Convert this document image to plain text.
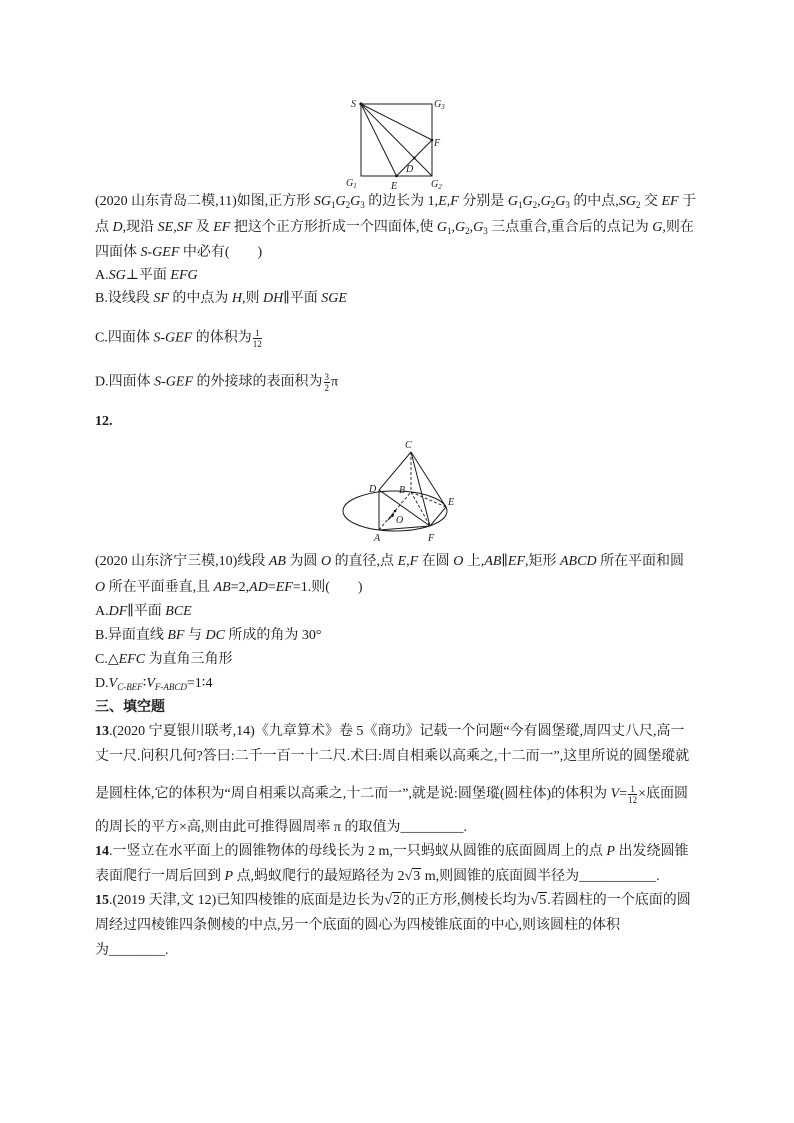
S	$G_3$
F
D
E
$G_1$	$G_2$
(2020 山东青岛二模,11)如图,正方形 $SG_1G_2G_3$ 的边长为 1,E,F 分别是 $G_1G_2,G_2G_3$ 的中点$,SG_2$ 交 EF 于
点 D,现沿 SE,SF 及 EF 把这个正方形折成一个四面体,使 $G_1,G_2,G_3$ 三点重合,重合后的点记为 G,则在
四面体 S-GEF 中必有(　　)
A.SG⊥平面 EFG
B.设线段 SF 的中点为 H,则 DH∥平面 SGE
C.四面体 S-GEF 的体积为 $\frac{1}{12}$
D.四面体 S-GEF 的外接球的表面积为 $\frac{3}{2}$ π
12.
C
D B
E
O
A	F
(2020 山东济宁三模,10)线段 AB 为圆 O 的直径,点 E,F 在圆 O 上,AB∥EF,矩形 ABCD 所在平面和圆
O 所在平面垂直,且 AB=2,AD=EF=1.则(　　)
A.DF∥平面 BCE
B.异面直线 BF 与 DC 所成的角为 30°
C.△EFC 为直角三角形
$D.V_{C-BEF}∶V_{F-ABCD}=1∶4$
三、填空题
13.(2020 宁夏银川联考,14)《九章算术》卷 5《商功》记载一个问题“今有圆堡瑽,周四丈八尺,高一
丈一尺.问积几何?答曰:二千一百一十二尺.术曰:周自相乘以高乘之,十二而一”,这里所说的圆堡瑽就
是圆柱体,它的体积为“周自相乘以高乘之,十二而一”,就是说:圆堡瑽(圆柱体)的体积为 $V= \frac{1}{12}$ ×底面圆
的周长的平方×高,则由此可推得圆周率 π 的取值为_________.
14.一竖立在水平面上的圆锥物体的母线长为 2 m,一只蚂蚁从圆锥的底面圆周上的点 P 出发绕圆锥
表面爬行一周后回到 P 点,蚂蚁爬行的最短路径为 2√3 m,则圆锥的底面圆半径为___________.
15.(2019 天津,文 12)已知四棱锥的底面是边长为√2的正方形,侧棱长均为√5.若圆柱的一个底面的圆
周经过四棱锥四条侧棱的中点,另一个底面的圆心为四棱锥底面的中心,则该圆柱的体积
为________.
